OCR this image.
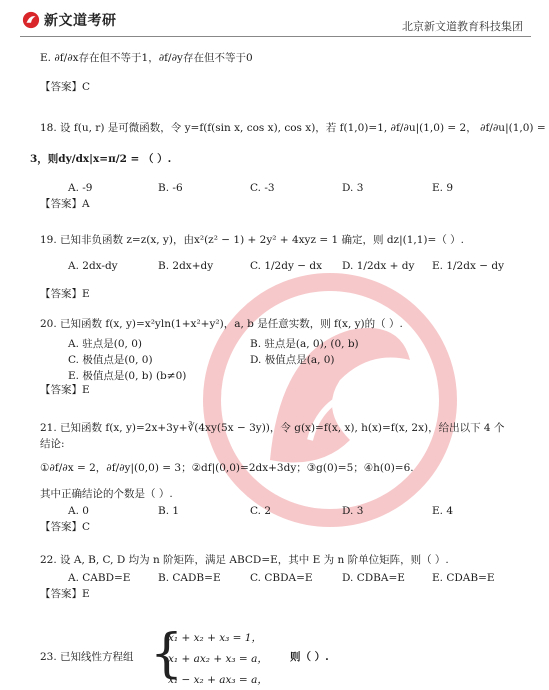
新文道考研	北京新文道教育科技集团
E. ∂f/∂x存在但不等于1，∂f/∂y存在但不等于0
【答案】C
18. 设 f(u, r) 是可微函数，令 y=f(f(sin x, cos x), cos x)，若 f(1,0)=1, ∂f/∂u|(1,0) = 2， ∂f/∂u|(1,0) =
3，则dy/dx|x=π/2 = （ ）.
A. -9	B. -6	C. -3	D. 3	E. 9
【答案】A
19. 已知非负函数 z=z(x, y)，由x²(z² − 1) + 2y² + 4xyz = 1 确定，则 dz|(1,1)=（ ）.
A. 2dx-dy	B. 2dx+dy	C. 1/2dy − dx D. 1/2dx + dy E. 1/2dx − dy
【答案】E
20. 已知函数 f(x, y)=x²yln(1+x²+y²)，a, b 是任意实数，则 f(x, y)的（ ）.
A. 驻点是(0, 0)	B. 驻点是(a, 0), (0, b)
C. 极值点是(0, 0)	D. 极值点是(a, 0)
E. 极值点是(0, b) (b≠0)
【答案】E
21. 已知函数 f(x, y)=2x+3y+∛(4xy(5x − 3y))，令 g(x)=f(x, x), h(x)=f(x, 2x)，给出以下 4 个
结论:
①∂f/∂x = 2，∂f/∂y|(0,0) = 3；②df|(0,0)=2dx+3dy；③g(0)=5；④h(0)=6.
其中正确结论的个数是（ ）.
A. 0	B. 1	C. 2	D. 3	E. 4
【答案】C
22. 设 A, B, C, D 均为 n 阶矩阵，满足 ABCD=E，其中 E 为 n 阶单位矩阵，则（ ）.
A. CABD=E	B. CADB=E	C. CBDA=E	D. CDBA=E	E. CDAB=E
【答案】E
23. 已知线性方程组 {
x₁ + x₂ + x₃ = 1，
x₁ + ax₂ + x₃ = a，
x₁ − x₂ + ax₃ = a，
则（ ）.
